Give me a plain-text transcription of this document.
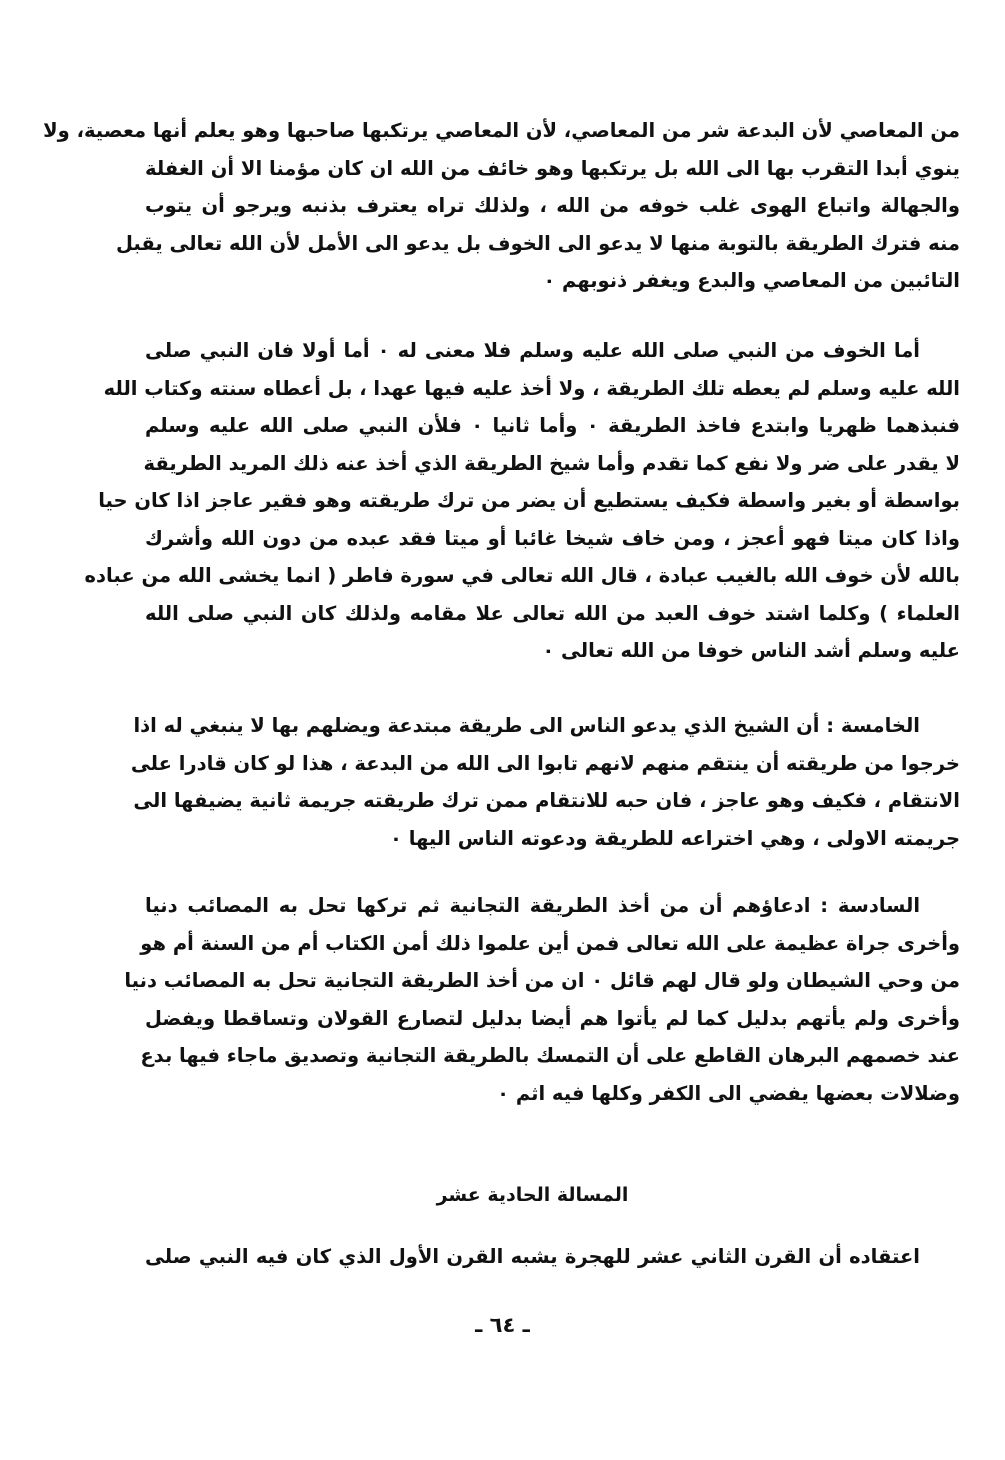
من المعاصي لأن البدعة شر من المعاصي، لأن المعاصي يرتكبها صاحبها وهو يعلم أنها معصية، ولا
ينوي أبدا التقرب بها الى الله بل يرتكبها وهو خائف من الله ان كان مؤمنا الا أن الغفلة
والجهالة واتباع الهوى غلب خوفه من الله ، ولذلك تراه يعترف بذنبه ويرجو أن يتوب
منه فترك الطريقة بالتوبة منها لا يدعو الى الخوف بل يدعو الى الأمل لأن الله تعالى يقبل
التائبين من المعاصي والبدع ويغفر ذنوبهم ٠
أما الخوف من النبي صلى الله عليه وسلم فلا معنى له ٠ أما أولا فان النبي صلى
الله عليه وسلم لم يعطه تلك الطريقة ، ولا أخذ عليه فيها عهدا ، بل أعطاه سنته وكتاب الله
فنبذهما ظهريا وابتدع فاخذ الطريقة ٠ وأما ثانيا ٠ فلأن النبي صلى الله عليه وسلم
لا يقدر على ضر ولا نفع كما تقدم وأما شيخ الطريقة الذي أخذ عنه ذلك المريد الطريقة
بواسطة أو بغير واسطة فكيف يستطيع أن يضر من ترك طريقته وهو فقير عاجز اذا كان حيا
واذا كان ميتا فهو أعجز ، ومن خاف شيخا غائبا أو ميتا فقد عبده من دون الله وأشرك
بالله لأن خوف الله بالغيب عبادة ، قال الله تعالى في سورة فاطر ( انما يخشى الله من عباده
العلماء ) وكلما اشتد خوف العبد من الله تعالى علا مقامه ولذلك كان النبي صلى الله
عليه وسلم أشد الناس خوفا من الله تعالى ٠
الخامسة : أن الشيخ الذي يدعو الناس الى طريقة مبتدعة ويضلهم بها لا ينبغي له اذا
خرجوا من طريقته أن ينتقم منهم لانهم تابوا الى الله من البدعة ، هذا لو كان قادرا على
الانتقام ، فكيف وهو عاجز ، فان حبه للانتقام ممن ترك طريقته جريمة ثانية يضيفها الى
جريمته الاولى ، وهي اختراعه للطريقة ودعوته الناس اليها ٠
السادسة : ادعاؤهم أن من أخذ الطريقة التجانية ثم تركها تحل به المصائب دنيا
وأخرى جراة عظيمة على الله تعالى فمن أين علموا ذلك أمن الكتاب أم من السنة أم هو
من وحي الشيطان ولو قال لهم قائل ٠ ان من أخذ الطريقة التجانية تحل به المصائب دنيا
وأخرى ولم يأتهم بدليل كما لم يأتوا هم أيضا بدليل لتصارع القولان وتساقطا ويفضل
عند خصمهم البرهان القاطع على أن التمسك بالطريقة التجانية وتصديق ماجاء فيها بدع
وضلالات بعضها يفضي الى الكفر وكلها فيه اثم ٠
المسالة الحادية عشر
اعتقاده أن القرن الثاني عشر للهجرة يشبه القرن الأول الذي كان فيه النبي صلى
ـ ٦٤ ـ
